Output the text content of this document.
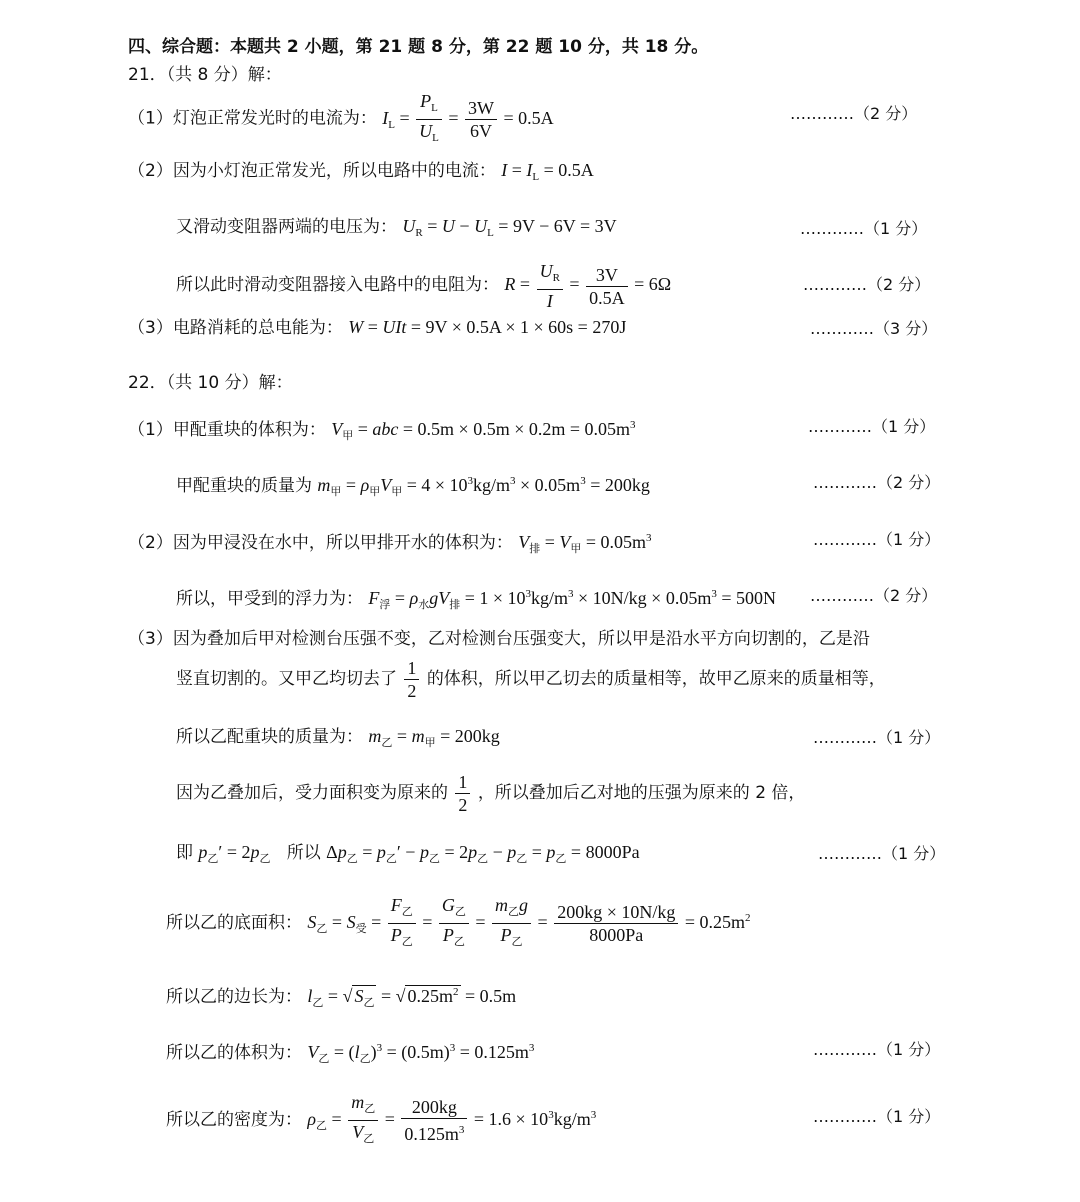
四、综合题：本题共 2 小题，第 21 题 8 分，第 22 题 10 分，共 18 分。
21．（共 8 分）解：
（1）灯泡正常发光时的电流为： $I_L = \frac{P_L}{U_L} = \frac{3W}{6V} = 0.5A$	…………（2 分）
（2）因为小灯泡正常发光，所以电路中的电流： $I = I_L = 0.5A$
又滑动变阻器两端的电压为： $U_R = U - U_L = 9V - 6V = 3V$	…………（1 分）
所以此时滑动变阻器接入电路中的电阻为： $R = \frac{U_R}{I} = \frac{3V}{0.5A} = 6\Omega$	…………（2 分）
（3）电路消耗的总电能为： W = UIt = 9V × 0.5A × 1 × 60s = 270J	…………（3 分）
22．（共 10 分）解：
（1）甲配重块的体积为： $V_甲$ = abc = $0.5m \times 0.5m \times 0.2m = 0.05m^3$	…………（1 分）
甲配重块的质量为 $m_甲 = \rho_甲V_甲 = 4 \times 10^3kg/m^3 \times 0.05m^3 = 200kg$	…………（2 分）
（2）因为甲浸没在水中，所以甲排开水的体积为： $V_排 = V_甲 = 0.05m^3$	…………（1 分）
所以，甲受到的浮力为： $F_浮 = \rho_水gV_排 = 1 \times 10^3kg/m^3 \times 10N/kg \times 0.05m^3 = 500N$ …………（2 分）
（3）因为叠加后甲对检测台压强不变，乙对检测台压强变大，所以甲是沿水平方向切割的，乙是沿
竖直切割的。又甲乙均切去了 $\frac{1}{2}$ 的体积，所以甲乙切去的质量相等，故甲乙原来的质量相等，
所以乙配重块的质量为： $m_乙 = m_甲 = 200kg$	…………（1 分）
因为乙叠加后，受力面积变为原来的 $\frac{1}{2}$ ，所以叠加后乙对地的压强为原来的 2 倍，
即 $p_乙' = 2p_乙$ 所以 $\Delta p_乙 = p_乙' - p_乙 = 2p_乙 - p_乙 = p_乙 = 8000Pa$	…………（1 分）
所以乙的底面积： $S_乙 = S_受 = \frac{F_乙}{P_乙} = \frac{G_乙}{P_乙} = \frac{m_乙g}{P_乙} = \frac{200kg \times 10N/kg}{8000Pa} = 0.25m^2$
所以乙的边长为： $l_乙$ = √ $S_乙$ = √ $0.25m^2 = 0.5m$
所以乙的体积为： $V_乙 = (l_乙)^3 = (0.5m)^3 = 0.125m^3$	…………（1 分）
所以乙的密度为： $\rho_乙 = \frac{m_乙}{V_乙} = \frac{200kg}{0.125m^3} = 1.6 \times 10^3kg/m^3$	…………（1 分）
